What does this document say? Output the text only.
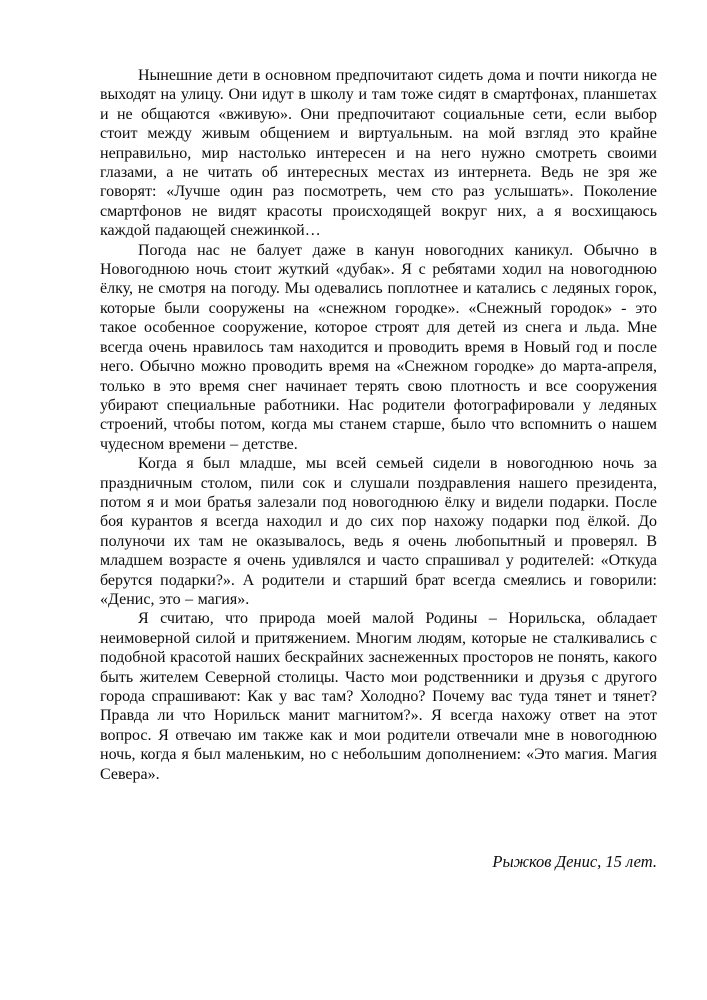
Нынешние дети в основном предпочитают сидеть дома и почти никогда не выходят на улицу. Они идут в школу и там тоже сидят в смартфонах, планшетах и не общаются «вживую». Они предпочитают социальные сети, если выбор стоит между живым общением и виртуальным. на мой взгляд это крайне неправильно, мир настолько интересен и на него нужно смотреть своими глазами, а не читать об интересных местах из интернета. Ведь не зря же говорят: «Лучше один раз посмотреть, чем сто раз услышать». Поколение смартфонов не видят красоты происходящей вокруг них, а я восхищаюсь каждой падающей снежинкой…

Погода нас не балует даже в канун новогодних каникул. Обычно в Новогоднюю ночь стоит жуткий «дубак». Я с ребятами ходил на новогоднюю ёлку, не смотря на погоду. Мы одевались поплотнее и катались с ледяных горок, которые были сооружены на «снежном городке». «Снежный городок» - это такое особенное сооружение, которое строят для детей из снега и льда. Мне всегда очень нравилось там находится и проводить время в Новый год и после него. Обычно можно проводить время на «Снежном городке» до марта-апреля, только в это время снег начинает терять свою плотность и все сооружения убирают специальные работники. Нас родители фотографировали у ледяных строений, чтобы потом, когда мы станем старше, было что вспомнить о нашем чудесном времени – детстве.

Когда я был младше, мы всей семьей сидели в новогоднюю ночь за праздничным столом, пили сок и слушали поздравления нашего президента, потом я и мои братья залезали под новогоднюю ёлку и видели подарки. После боя курантов я всегда находил и до сих пор нахожу подарки под ёлкой. До полуночи их там не оказывалось, ведь я очень любопытный и проверял. В младшем возрасте я очень удивлялся и часто спрашивал у родителей: «Откуда берутся подарки?». А родители и старший брат всегда смеялись и говорили: «Денис, это – магия».

Я считаю, что природа моей малой Родины – Норильска, обладает неимоверной силой и притяжением. Многим людям, которые не сталкивались с подобной красотой наших бескрайних заснеженных просторов не понять, какого быть жителем Северной столицы. Часто мои родственники и друзья с другого города спрашивают: Как у вас там? Холодно? Почему вас туда тянет и тянет? Правда ли что Норильск манит магнитом?». Я всегда нахожу ответ на этот вопрос. Я отвечаю им также как и мои родители отвечали мне в новогоднюю ночь, когда я был маленьким, но с небольшим дополнением: «Это магия. Магия Севера».

Рыжков Денис, 15 лет.
